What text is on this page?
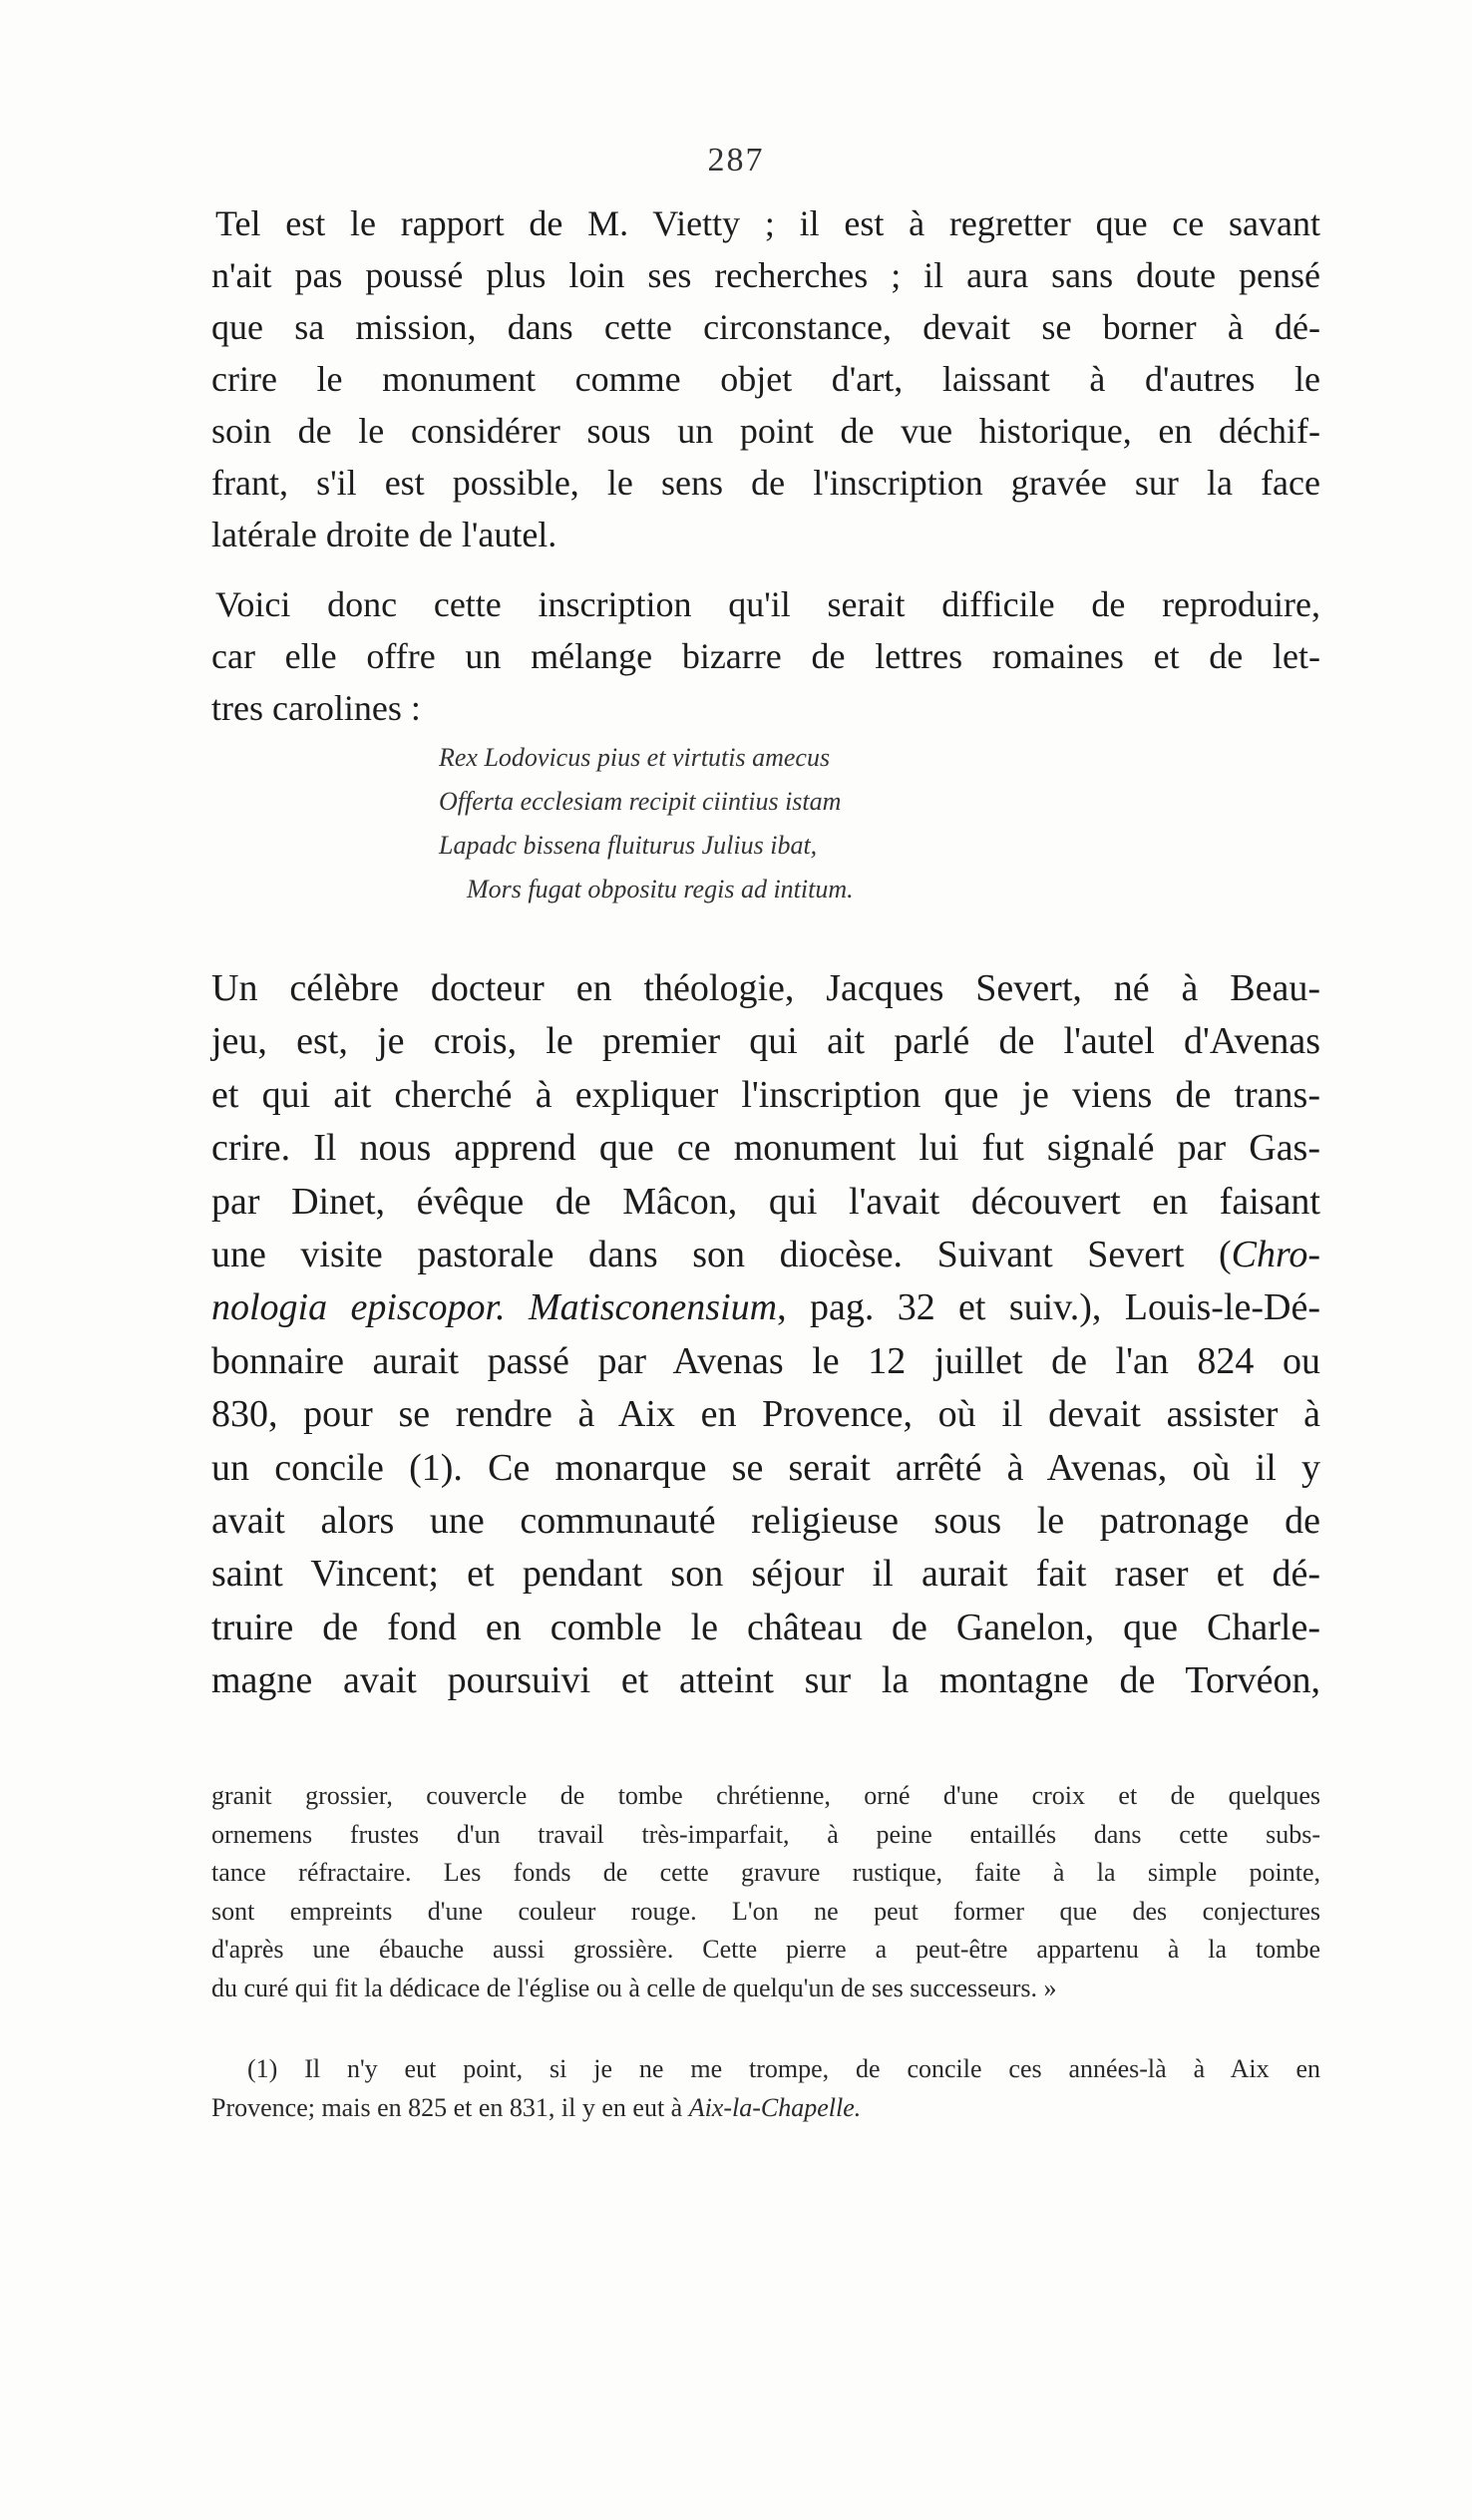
287
Tel est le rapport de M. Vietty ; il est à regretter que ce savant
n'ait pas poussé plus loin ses recherches ; il aura sans doute pensé
que sa mission, dans cette circonstance, devait se borner à dé-
crire le monument comme objet d'art, laissant à d'autres le
soin de le considérer sous un point de vue historique, en déchif-
frant, s'il est possible, le sens de l'inscription gravée sur la face
latérale droite de l'autel.
Voici donc cette inscription qu'il serait difficile de reproduire,
car elle offre un mélange bizarre de lettres romaines et de let-
tres carolines :
Rex Lodovicus pius et virtutis amecus
Offerta ecclesiam recipit ciintius istam
Lapadc bissena fluiturus Julius ibat,
Mors fugat obpositu regis ad intitum.
Un célèbre docteur en théologie, Jacques Severt, né à Beau-
jeu, est, je crois, le premier qui ait parlé de l'autel d'Avenas
et qui ait cherché à expliquer l'inscription que je viens de trans-
crire. Il nous apprend que ce monument lui fut signalé par Gas-
par Dinet, évêque de Mâcon, qui l'avait découvert en faisant
une visite pastorale dans son diocèse. Suivant Severt (Chro-
nologia episcopor. Matisconensium, pag. 32 et suiv.), Louis-le-Dé-
bonnaire aurait passé par Avenas le 12 juillet de l'an 824 ou
830, pour se rendre à Aix en Provence, où il devait assister à
un concile (1). Ce monarque se serait arrêté à Avenas, où il y
avait alors une communauté religieuse sous le patronage de
saint Vincent; et pendant son séjour il aurait fait raser et dé-
truire de fond en comble le château de Ganelon, que Charle-
magne avait poursuivi et atteint sur la montagne de Torvéon,
granit grossier, couvercle de tombe chrétienne, orné d'une croix et de quelques
ornemens frustes d'un travail très-imparfait, à peine entaillés dans cette subs-
tance réfractaire. Les fonds de cette gravure rustique, faite à la simple pointe,
sont empreints d'une couleur rouge. L'on ne peut former que des conjectures
d'après une ébauche aussi grossière. Cette pierre a peut-être appartenu à la tombe
du curé qui fit la dédicace de l'église ou à celle de quelqu'un de ses successeurs. »
(1) Il n'y eut point, si je ne me trompe, de concile ces années-là à Aix en
Provence; mais en 825 et en 831, il y en eut à Aix-la-Chapelle.
